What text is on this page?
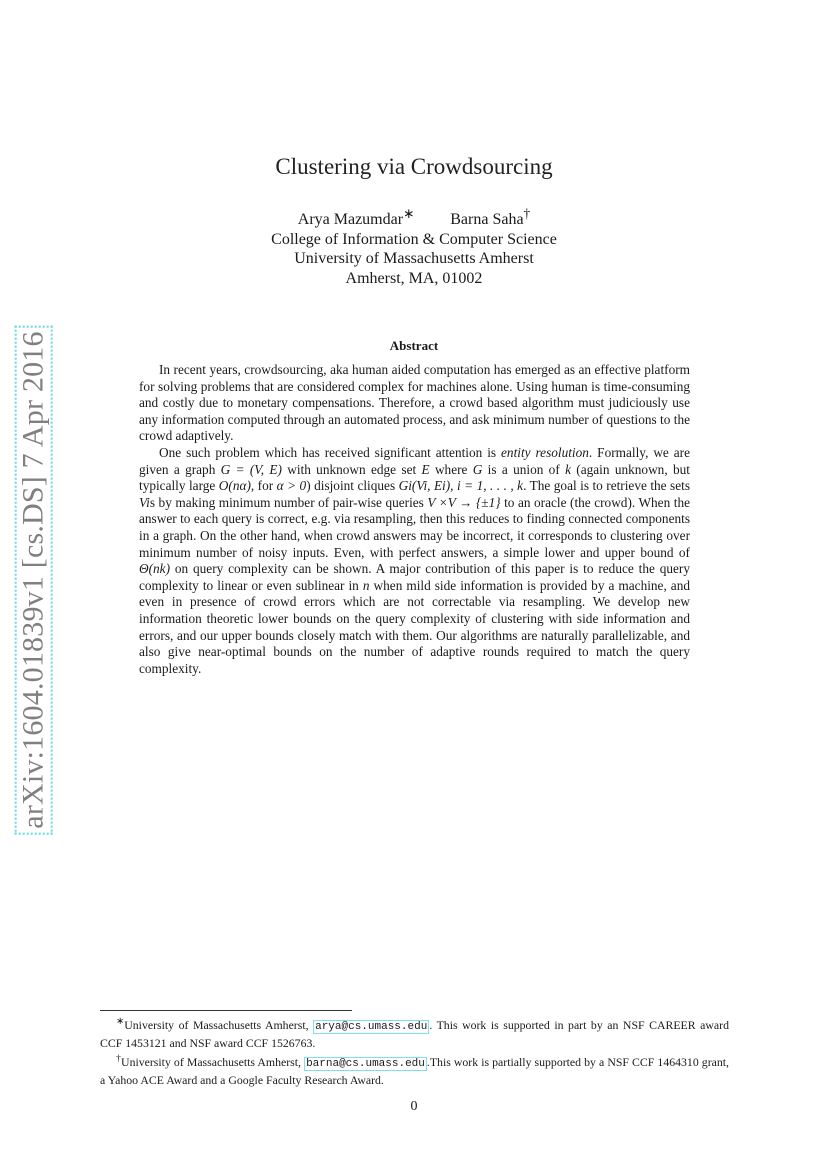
arXiv:1604.01839v1 [cs.DS] 7 Apr 2016
Clustering via Crowdsourcing
Arya Mazumdar∗ Barna Saha†
College of Information & Computer Science
University of Massachusetts Amherst
Amherst, MA, 01002
Abstract

In recent years, crowdsourcing, aka human aided computation has emerged as an effective platform for solving problems that are considered complex for machines alone. Using human is time-consuming and costly due to monetary compensations. Therefore, a crowd based algorithm must judiciously use any information computed through an automated process, and ask minimum number of questions to the crowd adaptively.

One such problem which has received significant attention is entity resolution. Formally, we are given a graph G = (V, E) with unknown edge set E where G is a union of k (again unknown, but typically large O(nα), for α > 0) disjoint cliques Gi(Vi, Ei), i = 1, . . . , k. The goal is to retrieve the sets Vis by making minimum number of pair-wise queries V ×V → {±1} to an oracle (the crowd). When the answer to each query is correct, e.g. via resampling, then this reduces to finding connected components in a graph. On the other hand, when crowd answers may be incorrect, it corresponds to clustering over minimum number of noisy inputs. Even, with perfect answers, a simple lower and upper bound of Θ(nk) on query complexity can be shown. A major contribution of this paper is to reduce the query complexity to linear or even sublinear in n when mild side information is provided by a machine, and even in presence of crowd errors which are not correctable via resampling. We develop new information theoretic lower bounds on the query complexity of clustering with side information and errors, and our upper bounds closely match with them. Our algorithms are naturally parallelizable, and also give near-optimal bounds on the number of adaptive rounds required to match the query complexity.

∗University of Massachusetts Amherst, arya@cs.umass.edu . This work is supported in part by an NSF CAREER award CCF 1453121 and NSF award CCF 1526763.

†University of Massachusetts Amherst, barna@cs.umass.edu .This work is partially supported by a NSF CCF 1464310 grant, a Yahoo ACE Award and a Google Faculty Research Award.

0
